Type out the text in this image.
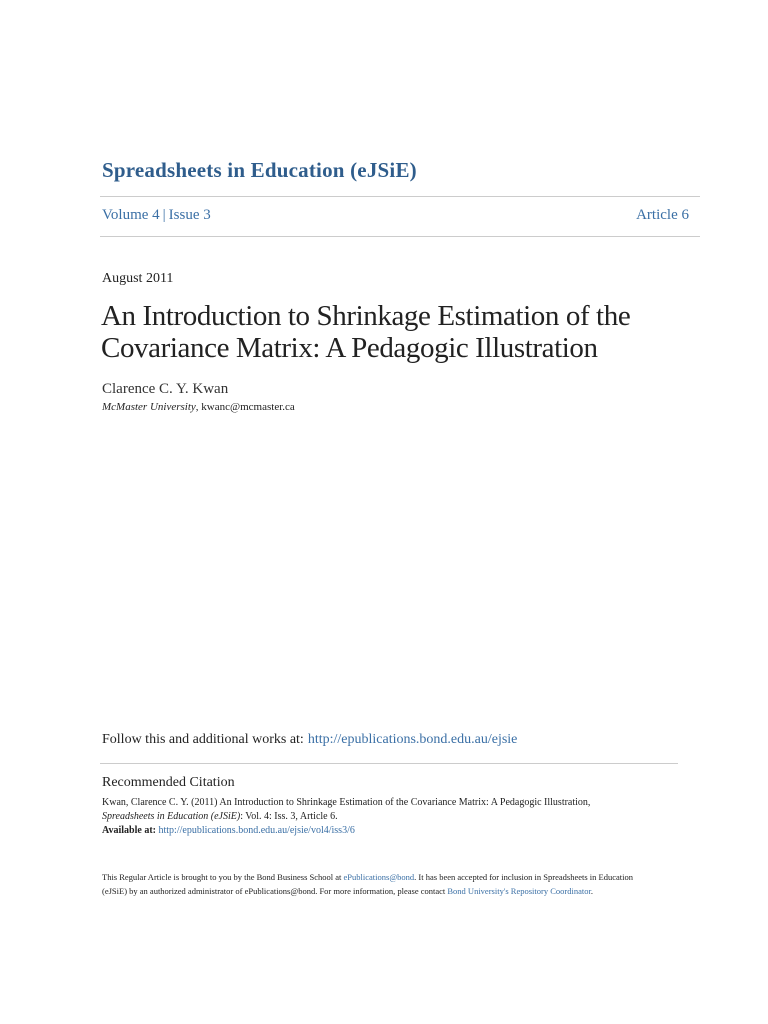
Spreadsheets in Education (eJSiE)
Volume 4 | Issue 3	Article 6
August 2011
An Introduction to Shrinkage Estimation of the Covariance Matrix: A Pedagogic Illustration
Clarence C. Y. Kwan
McMaster University, kwanc@mcmaster.ca
Follow this and additional works at: http://epublications.bond.edu.au/ejsie
Recommended Citation
Kwan, Clarence C. Y. (2011) An Introduction to Shrinkage Estimation of the Covariance Matrix: A Pedagogic Illustration,
Spreadsheets in Education (eJSiE): Vol. 4: Iss. 3, Article 6.
Available at: http://epublications.bond.edu.au/ejsie/vol4/iss3/6
This Regular Article is brought to you by the Bond Business School at ePublications@bond. It has been accepted for inclusion in Spreadsheets in Education (eJSiE) by an authorized administrator of ePublications@bond. For more information, please contact Bond University's Repository Coordinator.
